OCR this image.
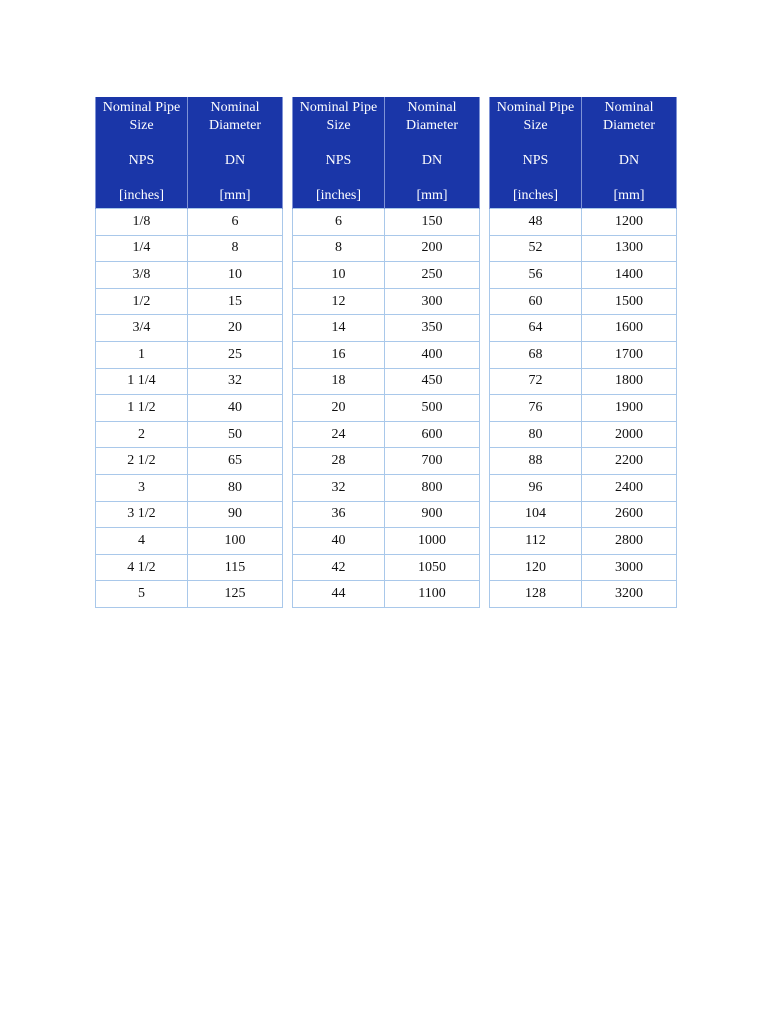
Nominal Pipe
Size
NPS
[inches]	Nominal
Diameter
DN
[mm]

1/8	6
1/4	8
3/8	10
1/2	15
3/4	20
1	25
1 1/4	32
1 1/2	40
2	50
2 1/2	65
3	80
3 1/2	90
4	100
4 1/2	115
5	125
Nominal Pipe
Size
NPS
[inches]	Nominal
Diameter
DN
[mm]

6	150
8	200
10	250
12	300
14	350
16	400
18	450
20	500
24	600
28	700
32	800
36	900
40	1000
42	1050
44	1100
Nominal Pipe
Size
NPS
[inches]	Nominal
Diameter
DN
[mm]

48	1200
52	1300
56	1400
60	1500
64	1600
68	1700
72	1800
76	1900
80	2000
88	2200
96	2400
104	2600
112	2800
120	3000
128	3200
